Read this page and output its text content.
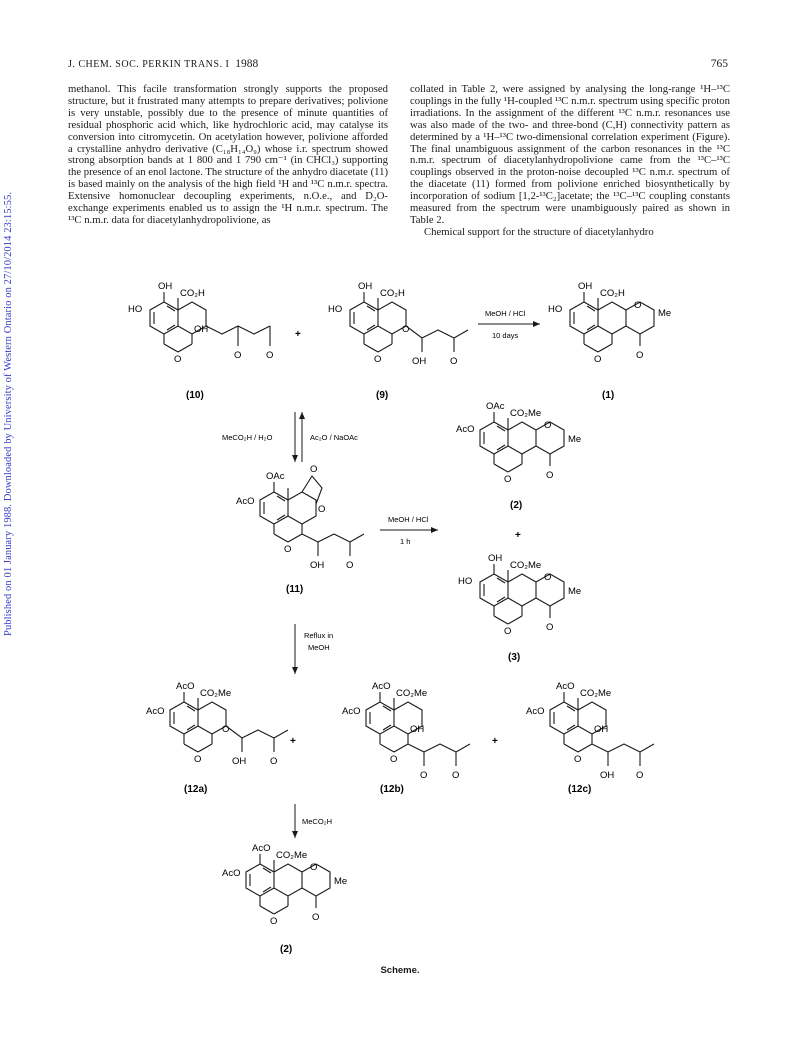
Published on 01 January 1988. Downloaded by University of Western Ontario on 27/10/2014 23:15:55.
J. CHEM. SOC. PERKIN TRANS. I 1988	765

methanol. This facile transformation strongly supports the proposed structure, but it frustrated many attempts to prepare derivatives; polivione is very unstable, possibly due to the presence of minute quantities of residual phosphoric acid which, like hydrochloric acid, may catalyse its conversion into citromycetin. On acetylation however, polivione afforded a crystalline anhydro derivative (C₁₈H₁₄O₉) whose i.r. spectrum showed strong absorption bands at 1 800 and 1 790 cm⁻¹ (in CHCl₃) supporting the presence of an enol lactone. The structure of the anhydro diacetate (11) is based mainly on the analysis of the high field ¹H and ¹³C n.m.r. spectra. Extensive homonuclear decoupling experiments, n.O.e., and D₂O-exchange experiments enabled us to assign the ¹H n.m.r. spectrum. The ¹³C n.m.r. data for diacetylanhydropolivione, as

collated in Table 2, were assigned by analysing the long-range ¹H–¹³C couplings in the fully ¹H-coupled ¹³C n.m.r. spectrum using specific proton irradiations. In the assignment of the different ¹³C n.m.r. resonances use was also made of the two- and three-bond (C,H) connectivity pattern as determined by a ¹H–¹³C two-dimensional correlation experiment (Figure). The final unambiguous assignment of the carbon resonances in the ¹³C n.m.r. spectrum of diacetylanhydropolivione came from the ¹³C–¹³C couplings observed in the proton-noise decoupled ¹³C n.m.r. spectrum of the diacetate (11) formed from polivione enriched biosynthetically by incorporation of sodium [1,2-¹³C₂]acetate; the ¹³C–¹³C coupling constants measured from the spectrum were unambiguously paired as shown in Table 2.

Chemical support for the structure of diacetylanhydro

HO
OH
CO₂H
OH
O	O	O
(10)
+
HO
OH
CO₂H
O
O	OH	O
(9)
MeOH / HCl
10 days
HO
OH
CO₂H
O
Me
O
O
(1)
MeCO₂H / H₂O	Ac₂O / NaOAc
AcO
OAc
CO₂Me
O
Me
O
O
(2)
AcO
OAc
O
O
O
OH O
(11)
MeOH / HCl
1 h
+
HO
OH
CO₂Me
O
Me
O
O
(3)
Reflux in
MeOH
AcO
AcO
CO₂Me
O
O	OH	O
(12a)
+
AcO
AcO
CO₂Me
OH
O
O	O
(12b)
+
AcO
AcO
CO₂Me
OH
O
OH O
(12c)
MeCO₂H
AcO
AcO
CO₂Me
O
Me
O
O
(2)
Scheme.
